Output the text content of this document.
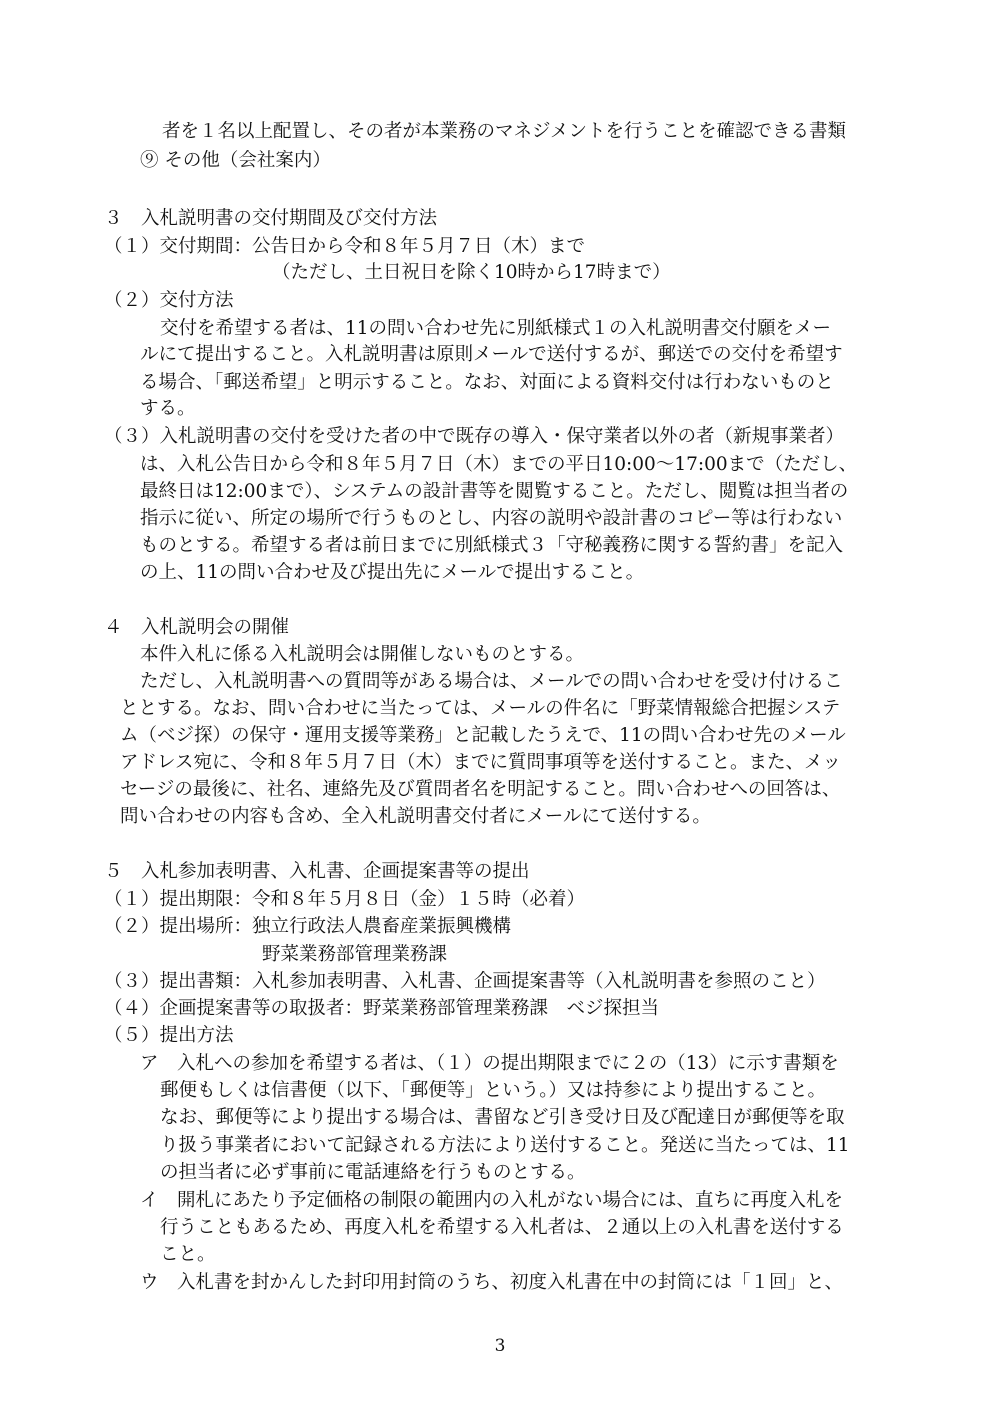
者を１名以上配置し、その者が本業務のマネジメントを行うことを確認できる書類
⑨ その他（会社案内）
３　入札説明書の交付期間及び交付方法
（１）交付期間：公告日から令和８年５月７日（木）まで
（ただし、土日祝日を除く10時から17時まで）
（２）交付方法
交付を希望する者は、11の問い合わせ先に別紙様式１の入札説明書交付願をメー
ルにて提出すること。入札説明書は原則メールで送付するが、郵送での交付を希望す
る場合、「郵送希望」と明示すること。なお、対面による資料交付は行わないものと
する。
（３）入札説明書の交付を受けた者の中で既存の導入・保守業者以外の者（新規事業者）
は、入札公告日から令和８年５月７日（木）までの平日10:00～17:00まで（ただし、
最終日は12:00まで）、システムの設計書等を閲覧すること。ただし、閲覧は担当者の
指示に従い、所定の場所で行うものとし、内容の説明や設計書のコピー等は行わない
ものとする。希望する者は前日までに別紙様式３「守秘義務に関する誓約書」を記入
の上、11の問い合わせ及び提出先にメールで提出すること。
４　入札説明会の開催
本件入札に係る入札説明会は開催しないものとする。
ただし、入札説明書への質問等がある場合は、メールでの問い合わせを受け付けるこ
ととする。なお、問い合わせに当たっては、メールの件名に「野菜情報総合把握システ
ム（ベジ探）の保守・運用支援等業務」と記載したうえで、11の問い合わせ先のメール
アドレス宛に、令和８年５月７日（木）までに質問事項等を送付すること。また、メッ
セージの最後に、社名、連絡先及び質問者名を明記すること。問い合わせへの回答は、
問い合わせの内容も含め、全入札説明書交付者にメールにて送付する。
５　入札参加表明書、入札書、企画提案書等の提出
（１）提出期限：令和８年５月８日（金）１５時（必着）
（２）提出場所：独立行政法人農畜産業振興機構
野菜業務部管理業務課
（３）提出書類：入札参加表明書、入札書、企画提案書等（入札説明書を参照のこと）
（４）企画提案書等の取扱者：野菜業務部管理業務課　ベジ探担当
（５）提出方法
ア　入札への参加を希望する者は、（１）の提出期限までに２の（13）に示す書類を
郵便もしくは信書便（以下、「郵便等」という。）又は持参により提出すること。
なお、郵便等により提出する場合は、書留など引き受け日及び配達日が郵便等を取
り扱う事業者において記録される方法により送付すること。発送に当たっては、11
の担当者に必ず事前に電話連絡を行うものとする。
イ　開札にあたり予定価格の制限の範囲内の入札がない場合には、直ちに再度入札を
行うこともあるため、再度入札を希望する入札者は、２通以上の入札書を送付する
こと。
ウ　入札書を封かんした封印用封筒のうち、初度入札書在中の封筒には「１回」と、
3
